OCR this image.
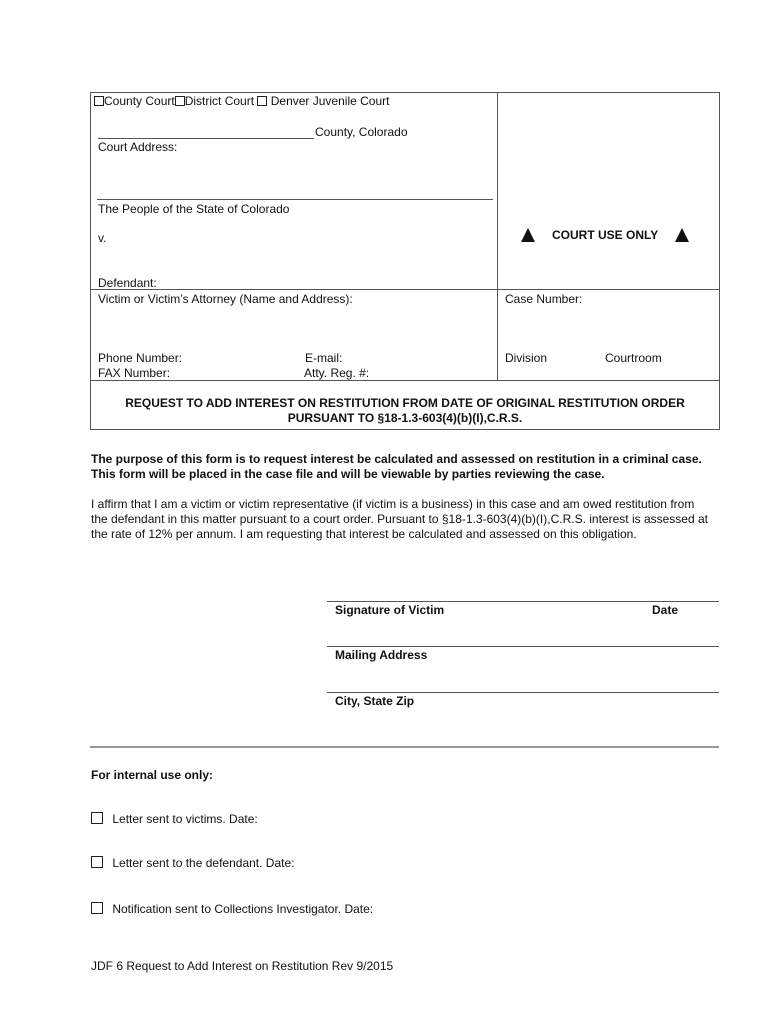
County Court District Court Denver Juvenile Court
County, Colorado
Court Address:
The People of the State of Colorado
v.
Defendant:
COURT USE ONLY
Victim or Victim’s Attorney (Name and Address):
Phone Number:	E-mail:
FAX Number:	Atty. Reg. #:
Case Number:
Division	Courtroom
REQUEST TO ADD INTEREST ON RESTITUTION FROM DATE OF ORIGINAL RESTITUTION ORDER
PURSUANT TO §18-1.3-603(4)(b)(I),C.R.S.
The purpose of this form is to request interest be calculated and assessed on restitution in a criminal case. This form will be placed in the case file and will be viewable by parties reviewing the case.
I affirm that I am a victim or victim representative (if victim is a business) in this case and am owed restitution from the defendant in this matter pursuant to a court order. Pursuant to §18-1.3-603(4)(b)(I),C.R.S. interest is assessed at the rate of 12% per annum. I am requesting that interest be calculated and assessed on this obligation.
Signature of Victim	Date
Mailing Address
City, State Zip
For internal use only:
Letter sent to victims. Date:
Letter sent to the defendant. Date:
Notification sent to Collections Investigator. Date:
JDF 6 Request to Add Interest on Restitution Rev 9/2015
